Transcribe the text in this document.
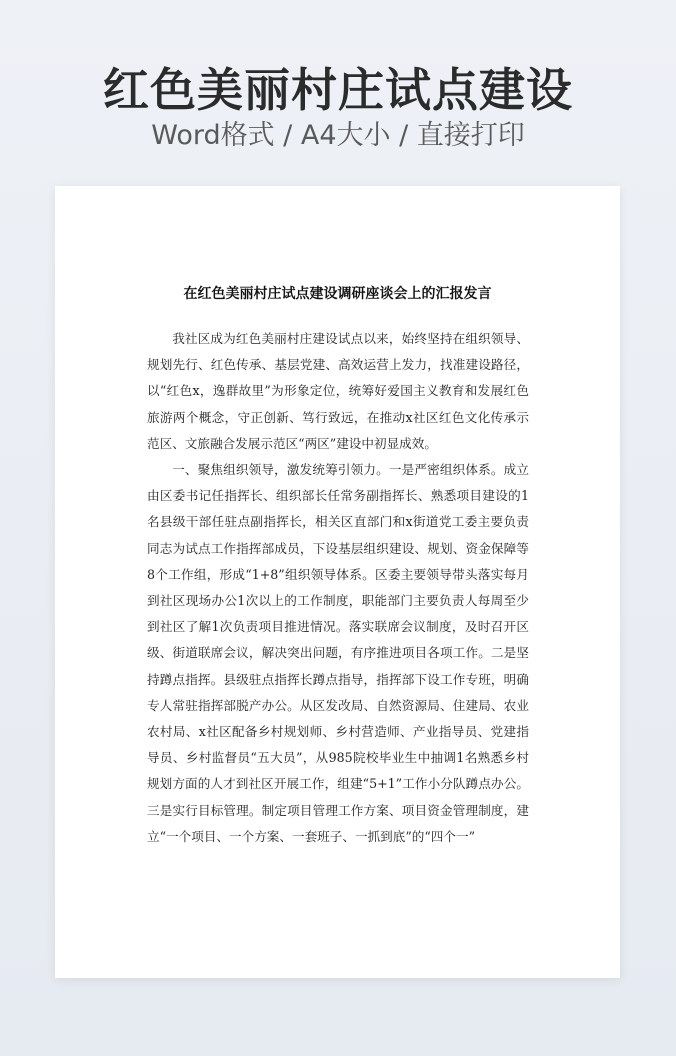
红色美丽村庄试点建设
Word格式 / A4大小 / 直接打印
在红色美丽村庄试点建设调研座谈会上的汇报发言

我社区成为红色美丽村庄建设试点以来，始终坚持在组织领导、规划先行、红色传承、基层党建、高效运营上发力，找准建设路径，以“红色x，逸群故里”为形象定位，统筹好爱国主义教育和发展红色旅游两个概念，守正创新、笃行致远，在推动x社区红色文化传承示范区、文旅融合发展示范区“两区”建设中初显成效。

一、聚焦组织领导，激发统筹引领力。一是严密组织体系。成立由区委书记任指挥长、组织部长任常务副指挥长、熟悉项目建设的1名县级干部任驻点副指挥长，相关区直部门和x街道党工委主要负责同志为试点工作指挥部成员，下设基层组织建设、规划、资金保障等8个工作组，形成“1+8”组织领导体系。区委主要领导带头落实每月到社区现场办公1次以上的工作制度，职能部门主要负责人每周至少到社区了解1次负责项目推进情况。落实联席会议制度，及时召开区级、街道联席会议，解决突出问题，有序推进项目各项工作。二是坚持蹲点指挥。县级驻点指挥长蹲点指导，指挥部下设工作专班，明确专人常驻指挥部脱产办公。从区发改局、自然资源局、住建局、农业农村局、x社区配备乡村规划师、乡村营造师、产业指导员、党建指导员、乡村监督员“五大员”，从985院校毕业生中抽调1名熟悉乡村规划方面的人才到社区开展工作，组建“5+1”工作小分队蹲点办公。三是实行目标管理。制定项目管理工作方案、项目资金管理制度，建立“一个项目、一个方案、一套班子、一抓到底”的“四个一”
